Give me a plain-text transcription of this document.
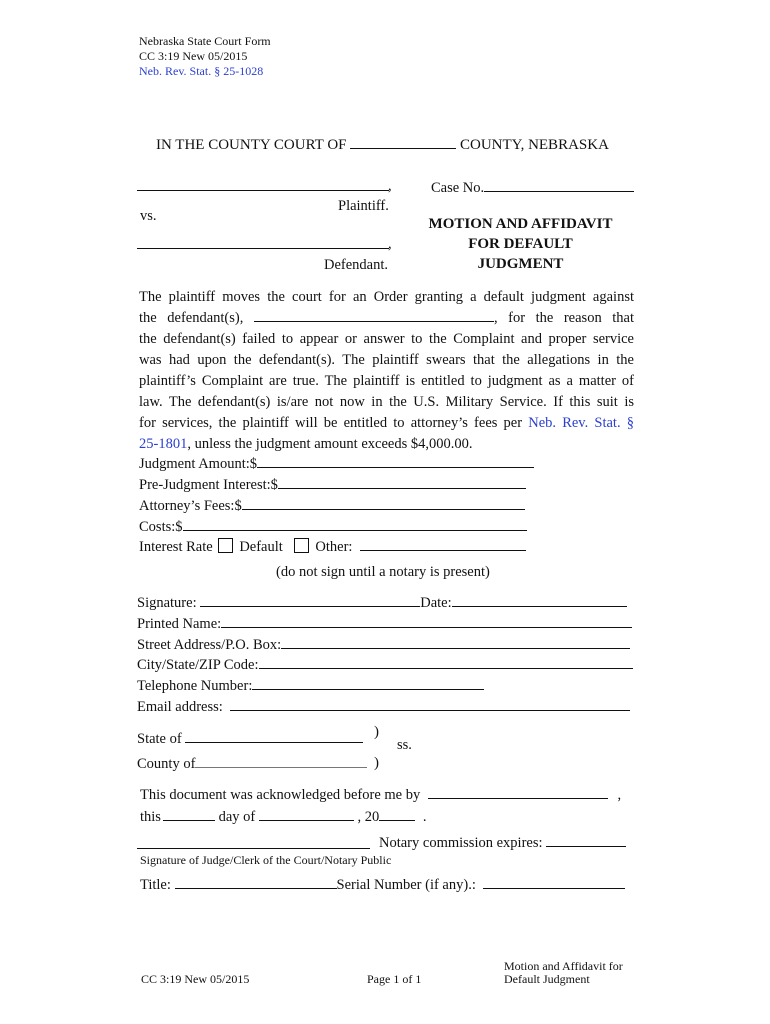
Nebraska State Court Form
CC 3:19 New 05/2015
Neb. Rev. Stat. § 25-1028
IN THE COUNTY COURT OF	COUNTY, NEBRASKA
,
Plaintiff.
vs.
,
Defendant.
Case No.
MOTION AND AFFIDAVIT
FOR DEFAULT
JUDGMENT
The plaintiff moves the court for an Order granting a default judgment against
the defendant(s),	, for the reason that
the defendant(s) failed to appear or answer to the Complaint and proper service
was had upon the defendant(s). The plaintiff swears that the allegations in the
plaintiff’s Complaint are true. The plaintiff is entitled to judgment as a matter of
law. The defendant(s) is/are not now in the U.S. Military Service. If this suit is
for services, the plaintiff will be entitled to attorney’s fees per Neb. Rev. Stat. §
25-1801, unless the judgment amount exceeds $4,000.00.
Judgment Amount:$
Pre-Judgment Interest:$
Attorney’s Fees:$
Costs:$
Interest Rate Default Other:
(do not sign until a notary is present)
Signature:	Date:
Printed Name:
Street Address/P.O. Box:
City/State/ZIP Code:
Telephone Number:
Email address:
State of	)
ss.
County of	)
This document was acknowledged before me by	,
this	day of	, 20	.
Notary commission expires:
Signature of Judge/Clerk of the Court/Notary Public
Title:	Serial Number (if any).:
CC 3:19 New 05/2015	Page 1 of 1
Motion and Affidavit for
Default Judgment
